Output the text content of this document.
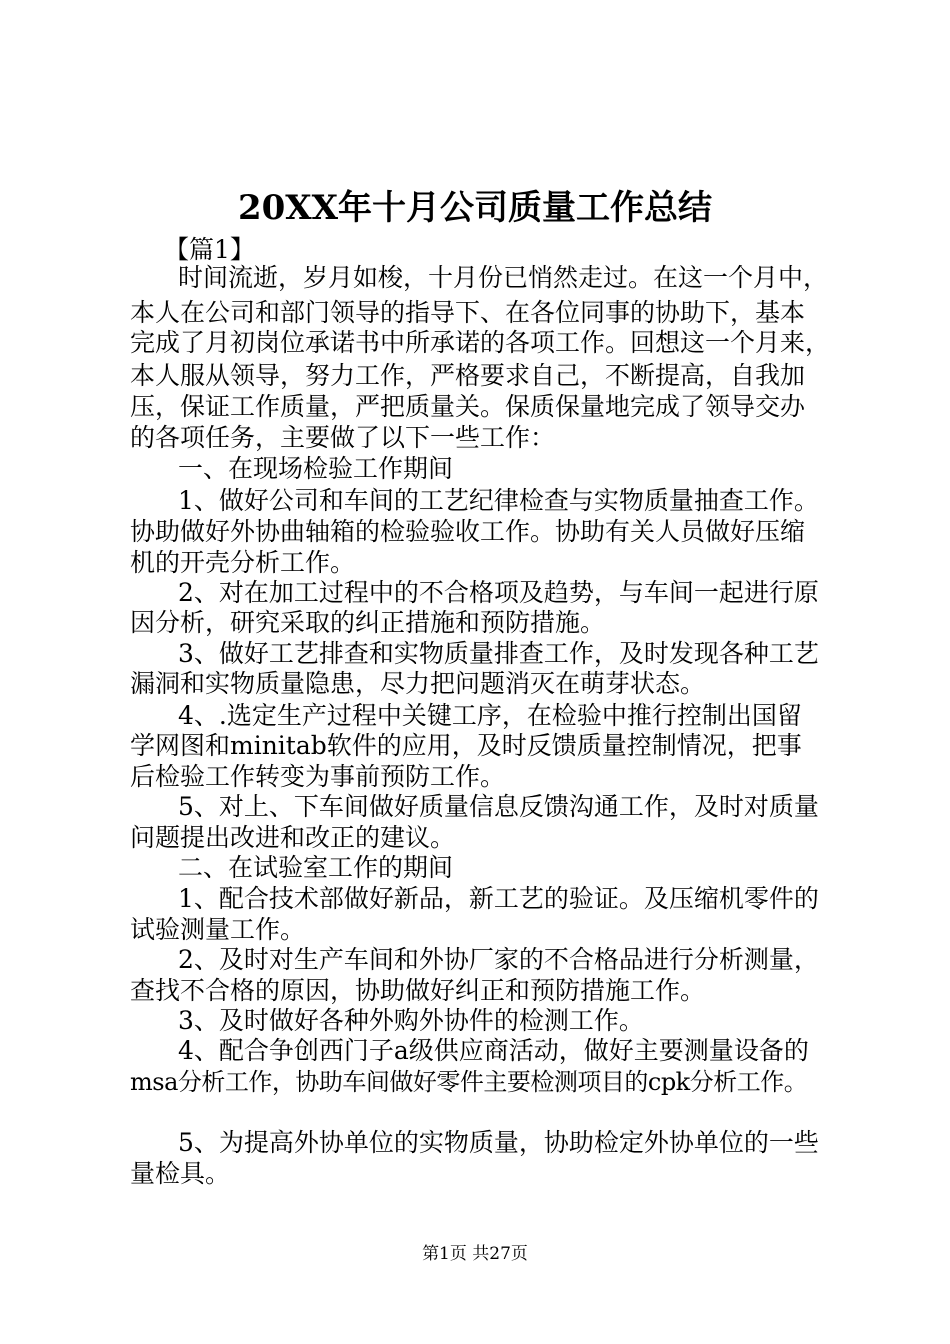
20XX年十月公司质量工作总结
【篇1】
时间流逝，岁月如梭，十月份已悄然走过。在这一个月中，
本人在公司和部门领导的指导下、在各位同事的协助下，基本
完成了月初岗位承诺书中所承诺的各项工作。回想这一个月来，
本人服从领导，努力工作，严格要求自己，不断提高，自我加
压，保证工作质量，严把质量关。保质保量地完成了领导交办
的各项任务，主要做了以下一些工作：
一、在现场检验工作期间
1、做好公司和车间的工艺纪律检查与实物质量抽查工作。
协助做好外协曲轴箱的检验验收工作。协助有关人员做好压缩
机的开壳分析工作。
2、对在加工过程中的不合格项及趋势，与车间一起进行原
因分析，研究采取的纠正措施和预防措施。
3、做好工艺排查和实物质量排查工作，及时发现各种工艺
漏洞和实物质量隐患，尽力把问题消灭在萌芽状态。
4、.选定生产过程中关键工序，在检验中推行控制出国留
学网图和minitab软件的应用，及时反馈质量控制情况，把事
后检验工作转变为事前预防工作。
5、对上、下车间做好质量信息反馈沟通工作，及时对质量
问题提出改进和改正的建议。
二、在试验室工作的期间
1、配合技术部做好新品，新工艺的验证。及压缩机零件的
试验测量工作。
2、及时对生产车间和外协厂家的不合格品进行分析测量，
查找不合格的原因，协助做好纠正和预防措施工作。
3、及时做好各种外购外协件的检测工作。
4、配合争创西门子a级供应商活动，做好主要测量设备的
msa分析工作，协助车间做好零件主要检测项目的cpk分析工作。
5、为提高外协单位的实物质量，协助检定外协单位的一些
量检具。
第1页 共27页
